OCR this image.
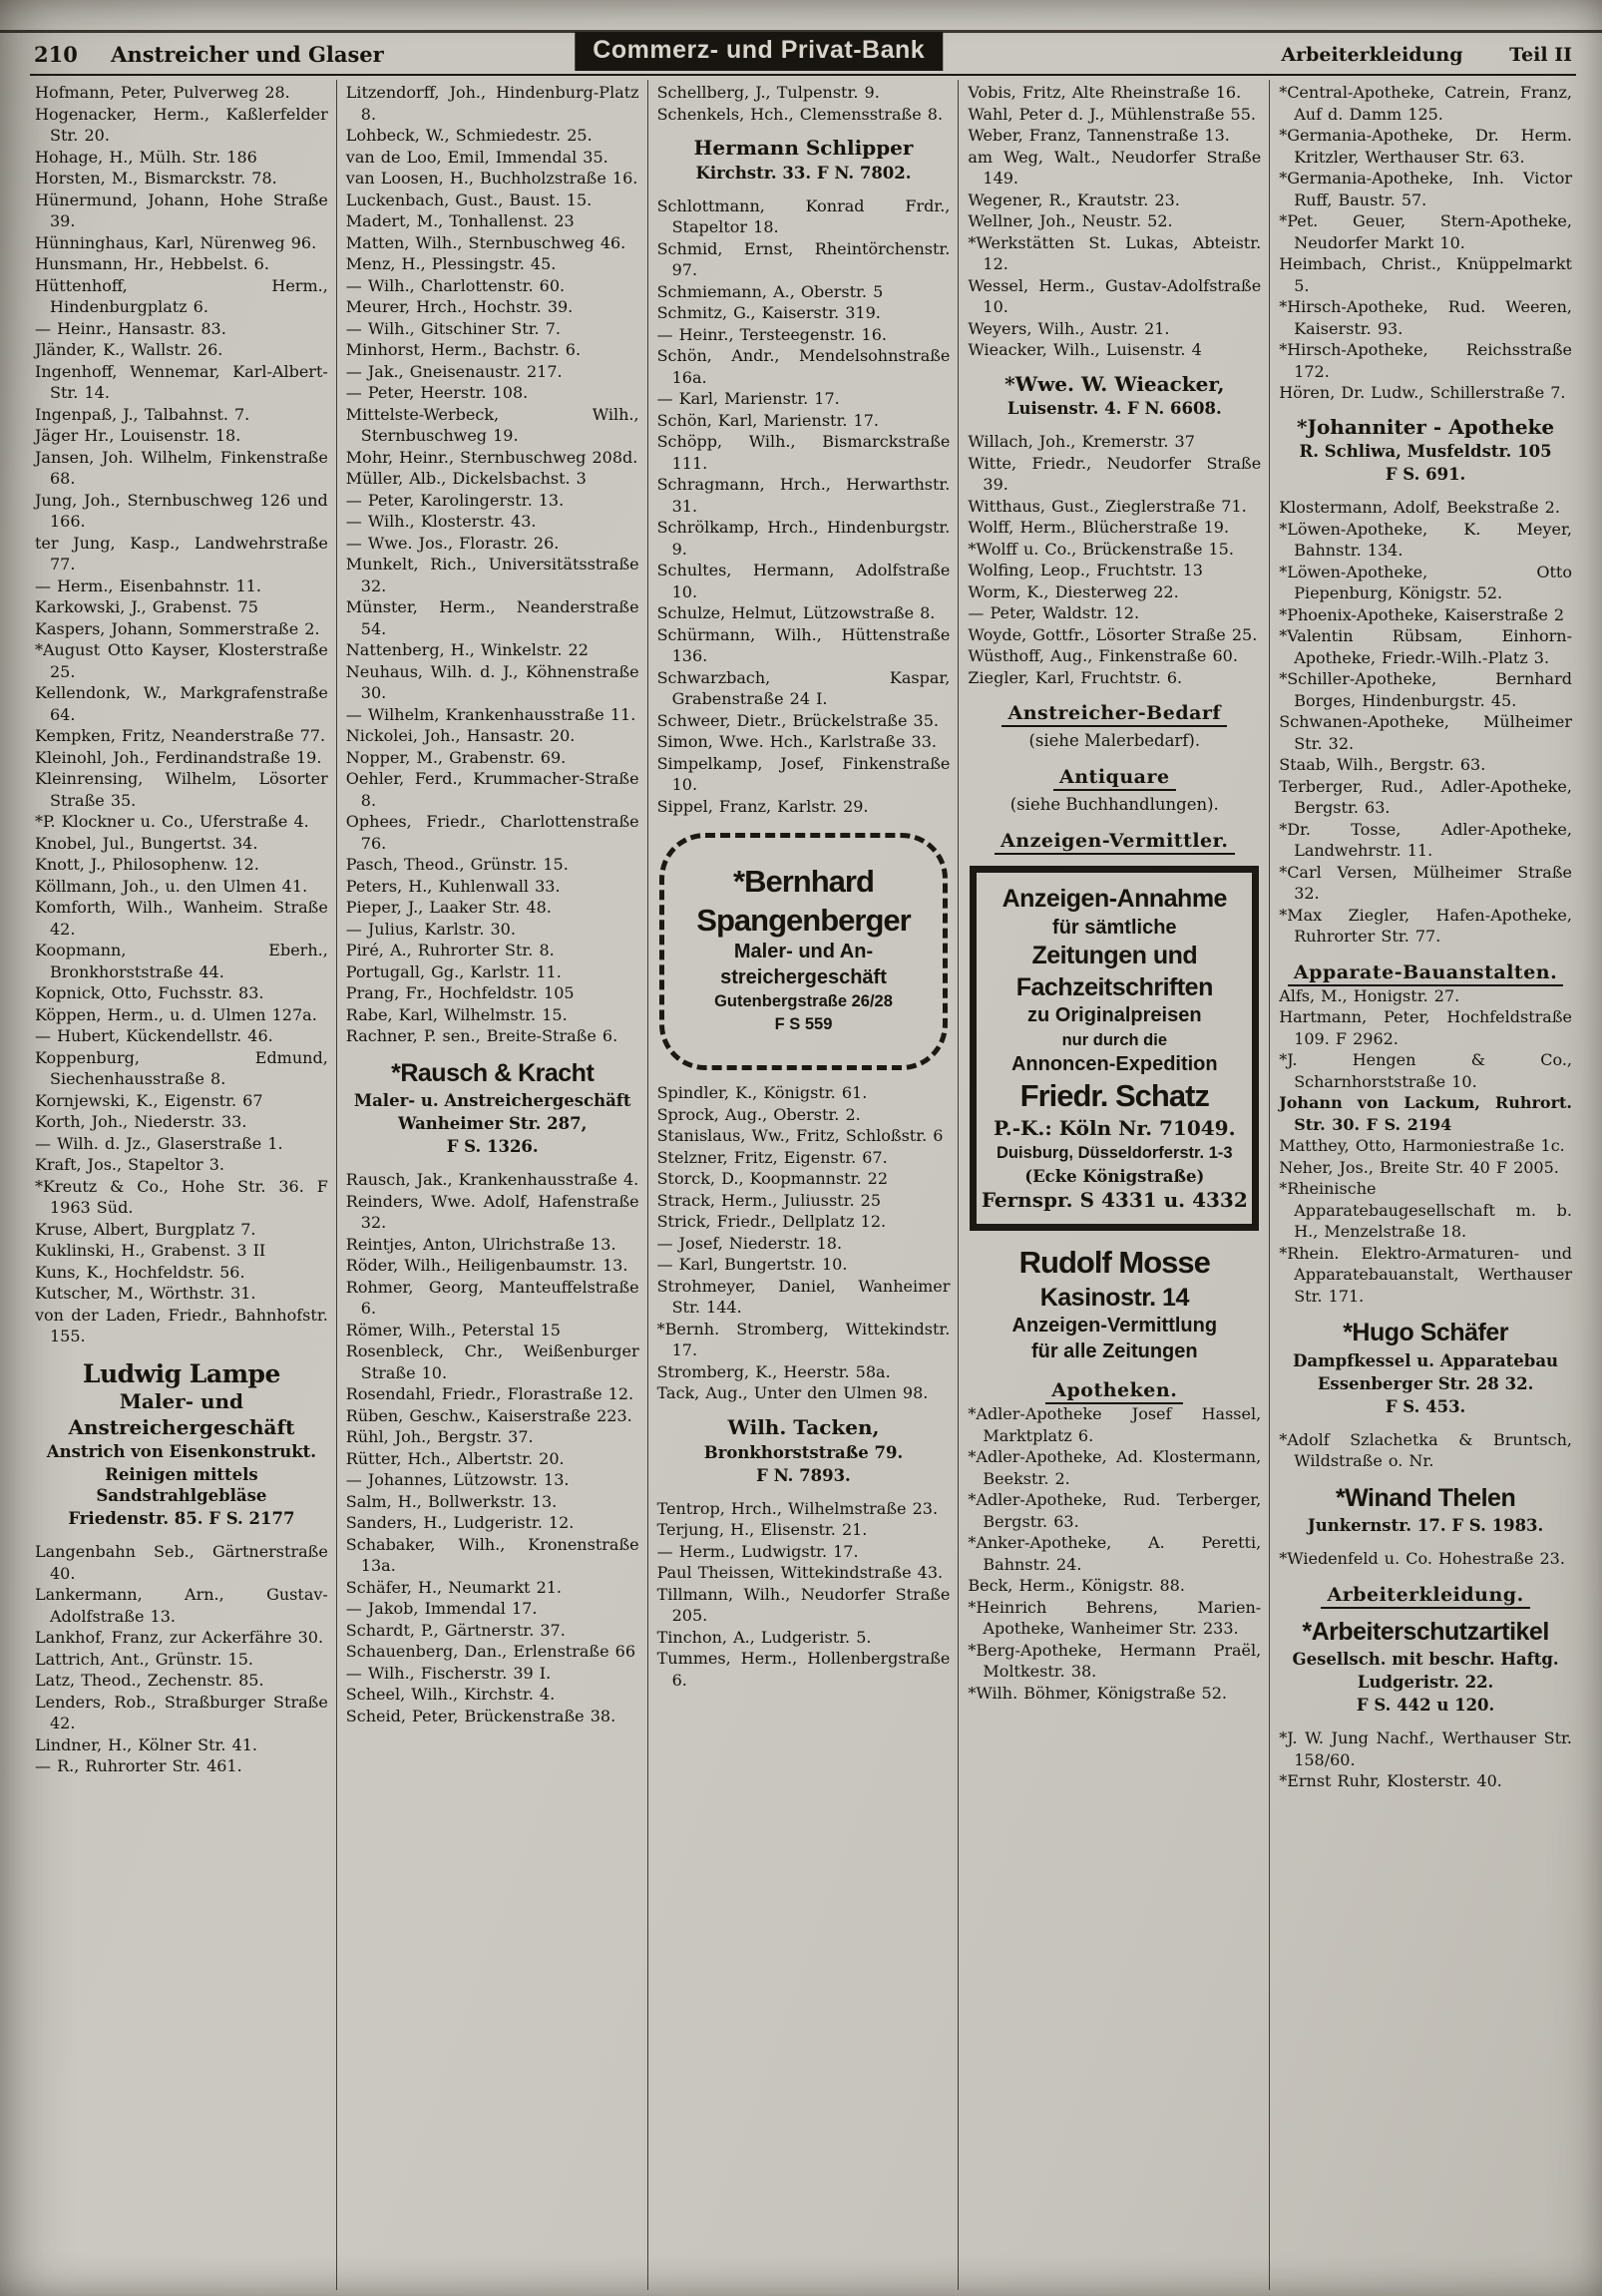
210 Anstreicher und Glaser	Commerz- und Privat-Bank	Arbeiterkleidung Teil II
Hofmann, Peter, Pulverweg 28.
Hogenacker, Herm., Kaßlerfelder Str. 20.
Hohage, H., Mülh. Str. 186
Horsten, M., Bismarckstr. 78.
Hünermund, Johann, Hohe Straße 39.
Hünninghaus, Karl, Nürenweg 96.
Hunsmann, Hr., Hebbelst. 6.
Hüttenhoff, Herm., Hindenburgplatz 6.
— Heinr., Hansastr. 83.
Jländer, K., Wallstr. 26.
Ingenhoff, Wennemar, Karl-Albert-Str. 14.
Ingenpaß, J., Talbahnst. 7.
Jäger Hr., Louisenstr. 18.
Jansen, Joh. Wilhelm, Finkenstraße 68.
Jung, Joh., Sternbuschweg 126 und 166.
ter Jung, Kasp., Landwehrstraße 77.
— Herm., Eisenbahnstr. 11.
Karkowski, J., Grabenst. 75
Kaspers, Johann, Sommerstraße 2.
*August Otto Kayser, Klosterstraße 25.
Kellendonk, W., Markgrafenstraße 64.
Kempken, Fritz, Neanderstraße 77.
Kleinohl, Joh., Ferdinandstraße 19.
Kleinrensing, Wilhelm, Lösorter Straße 35.
*P. Klockner u. Co., Uferstraße 4.
Knobel, Jul., Bungertst. 34.
Knott, J., Philosophenw. 12.
Köllmann, Joh., u. den Ulmen 41.
Komforth, Wilh., Wanheim. Straße 42.
Koopmann, Eberh., Bronkhorststraße 44.
Kopnick, Otto, Fuchsstr. 83.
Köppen, Herm., u. d. Ulmen 127a.
— Hubert, Kückendellstr. 46.
Koppenburg, Edmund, Siechenhausstraße 8.
Kornjewski, K., Eigenstr. 67
Korth, Joh., Niederstr. 33.
— Wilh. d. Jz., Glaserstraße 1.
Kraft, Jos., Stapeltor 3.
*Kreutz & Co., Hohe Str. 36. F 1963 Süd.
Kruse, Albert, Burgplatz 7.
Kuklinski, H., Grabenst. 3 II
Kuns, K., Hochfeldstr. 56.
Kutscher, M., Wörthstr. 31.
von der Laden, Friedr., Bahnhofstr. 155.
Ludwig Lampe
Maler- und
Anstreichergeschäft
Anstrich von Eisenkonstrukt.
Reinigen mittels Sandstrahlgebläse
Friedenstr. 85. F S. 2177
Langenbahn Seb., Gärtnerstraße 40.
Lankermann, Arn., Gustav-Adolfstraße 13.
Lankhof, Franz, zur Ackerfähre 30.
Lattrich, Ant., Grünstr. 15.
Latz, Theod., Zechenstr. 85.
Lenders, Rob., Straßburger Straße 42.
Lindner, H., Kölner Str. 41.
— R., Ruhrorter Str. 461.
Litzendorff, Joh., Hindenburg-Platz 8.
Lohbeck, W., Schmiedestr. 25.
van de Loo, Emil, Immendal 35.
van Loosen, H., Buchholzstraße 16.
Luckenbach, Gust., Baust. 15.
Madert, M., Tonhallenst. 23
Matten, Wilh., Sternbuschweg 46.
Menz, H., Plessingstr. 45.
— Wilh., Charlottenstr. 60.
Meurer, Hrch., Hochstr. 39.
— Wilh., Gitschiner Str. 7.
Minhorst, Herm., Bachstr. 6.
— Jak., Gneisenaustr. 217.
— Peter, Heerstr. 108.
Mittelste-Werbeck, Wilh., Sternbuschweg 19.
Mohr, Heinr., Sternbuschweg 208d.
Müller, Alb., Dickelsbachst. 3
— Peter, Karolingerstr. 13.
— Wilh., Klosterstr. 43.
— Wwe. Jos., Florastr. 26.
Munkelt, Rich., Universitätsstraße 32.
Münster, Herm., Neanderstraße 54.
Nattenberg, H., Winkelstr. 22
Neuhaus, Wilh. d. J., Köhnenstraße 30.
— Wilhelm, Krankenhausstraße 11.
Nickolei, Joh., Hansastr. 20.
Nopper, M., Grabenstr. 69.
Oehler, Ferd., Krummacher-Straße 8.
Ophees, Friedr., Charlottenstraße 76.
Pasch, Theod., Grünstr. 15.
Peters, H., Kuhlenwall 33.
Pieper, J., Laaker Str. 48.
— Julius, Karlstr. 30.
Piré, A., Ruhrorter Str. 8.
Portugall, Gg., Karlstr. 11.
Prang, Fr., Hochfeldstr. 105
Rabe, Karl, Wilhelmstr. 15.
Rachner, P. sen., Breite-Straße 6.
*Rausch & Kracht
Maler- u. Anstreichergeschäft
Wanheimer Str. 287,
F S. 1326.
Rausch, Jak., Krankenhausstraße 4.
Reinders, Wwe. Adolf, Hafenstraße 32.
Reintjes, Anton, Ulrichstraße 13.
Röder, Wilh., Heiligenbaumstr. 13.
Rohmer, Georg, Manteuffelstraße 6.
Römer, Wilh., Peterstal 15
Rosenbleck, Chr., Weißenburger Straße 10.
Rosendahl, Friedr., Florastraße 12.
Rüben, Geschw., Kaiserstraße 223.
Rühl, Joh., Bergstr. 37.
Rütter, Hch., Albertstr. 20.
— Johannes, Lützowstr. 13.
Salm, H., Bollwerkstr. 13.
Sanders, H., Ludgeristr. 12.
Schabaker, Wilh., Kronenstraße 13a.
Schäfer, H., Neumarkt 21.
— Jakob, Immendal 17.
Schardt, P., Gärtnerstr. 37.
Schauenberg, Dan., Erlenstraße 66
— Wilh., Fischerstr. 39 I.
Scheel, Wilh., Kirchstr. 4.
Scheid, Peter, Brückenstraße 38.
Schellberg, J., Tulpenstr. 9.
Schenkels, Hch., Clemensstraße 8.
Hermann Schlipper
Kirchstr. 33. F N. 7802.
Schlottmann, Konrad Frdr., Stapeltor 18.
Schmid, Ernst, Rheintörchenstr. 97.
Schmiemann, A., Oberstr. 5
Schmitz, G., Kaiserstr. 319.
— Heinr., Tersteegenstr. 16.
Schön, Andr., Mendelsohnstraße 16a.
— Karl, Marienstr. 17.
Schön, Karl, Marienstr. 17.
Schöpp, Wilh., Bismarckstraße 111.
Schragmann, Hrch., Herwarthstr. 31.
Schrölkamp, Hrch., Hindenburgstr. 9.
Schultes, Hermann, Adolfstraße 10.
Schulze, Helmut, Lützowstraße 8.
Schürmann, Wilh., Hüttenstraße 136.
Schwarzbach, Kaspar, Grabenstraße 24 I.
Schweer, Dietr., Brückelstraße 35.
Simon, Wwe. Hch., Karlstraße 33.
Simpelkamp, Josef, Finkenstraße 10.
Sippel, Franz, Karlstr. 29.
*Bernhard
Spangenberger
Maler- und An-
streichergeschäft
Gutenbergstraße 26/28
F S 559
Spindler, K., Königstr. 61.
Sprock, Aug., Oberstr. 2.
Stanislaus, Ww., Fritz, Schloßstr. 6
Stelzner, Fritz, Eigenstr. 67.
Storck, D., Koopmannstr. 22
Strack, Herm., Juliusstr. 25
Strick, Friedr., Dellplatz 12.
— Josef, Niederstr. 18.
— Karl, Bungertstr. 10.
Strohmeyer, Daniel, Wanheimer Str. 144.
*Bernh. Stromberg, Wittekindstr. 17.
Stromberg, K., Heerstr. 58a.
Tack, Aug., Unter den Ulmen 98.
Wilh. Tacken,
Bronkhorststraße 79.
F N. 7893.
Tentrop, Hrch., Wilhelmstraße 23.
Terjung, H., Elisenstr. 21.
— Herm., Ludwigstr. 17.
Paul Theissen, Wittekindstraße 43.
Tillmann, Wilh., Neudorfer Straße 205.
Tinchon, A., Ludgeristr. 5.
Tummes, Herm., Hollenbergstraße 6.
Vobis, Fritz, Alte Rheinstraße 16.
Wahl, Peter d. J., Mühlenstraße 55.
Weber, Franz, Tannenstraße 13.
am Weg, Walt., Neudorfer Straße 149.
Wegener, R., Krautstr. 23.
Wellner, Joh., Neustr. 52.
*Werkstätten St. Lukas, Abteistr. 12.
Wessel, Herm., Gustav-Adolfstraße 10.
Weyers, Wilh., Austr. 21.
Wieacker, Wilh., Luisenstr. 4
*Wwe. W. Wieacker,
Luisenstr. 4. F N. 6608.
Willach, Joh., Kremerstr. 37
Witte, Friedr., Neudorfer Straße 39.
Witthaus, Gust., Zieglerstraße 71.
Wolff, Herm., Blücherstraße 19.
*Wolff u. Co., Brückenstraße 15.
Wolfing, Leop., Fruchtstr. 13
Worm, K., Diesterweg 22.
— Peter, Waldstr. 12.
Woyde, Gottfr., Lösorter Straße 25.
Wüsthoff, Aug., Finkenstraße 60.
Ziegler, Karl, Fruchtstr. 6.
Anstreicher-Bedarf
(siehe Malerbedarf).
Antiquare
(siehe Buchhandlungen).
Anzeigen-Vermittler.
Anzeigen-Annahme
für sämtliche
Zeitungen und
Fachzeitschriften
zu Originalpreisen
nur durch die
Annoncen-Expedition
Friedr. Schatz
P.-K.: Köln Nr. 71049.
Duisburg, Düsseldorferstr. 1-3
(Ecke Königstraße)
Fernspr. S 4331 u. 4332
Rudolf Mosse
Kasinostr. 14
Anzeigen-Vermittlung
für alle Zeitungen
Apotheken.
*Adler-Apotheke Josef Hassel, Marktplatz 6.
*Adler-Apotheke, Ad. Klostermann, Beekstr. 2.
*Adler-Apotheke, Rud. Terberger, Bergstr. 63.
*Anker-Apotheke, A. Peretti, Bahnstr. 24.
Beck, Herm., Königstr. 88.
*Heinrich Behrens, Marien-Apotheke, Wanheimer Str. 233.
*Berg-Apotheke, Hermann Praël, Moltkestr. 38.
*Wilh. Böhmer, Königstraße 52.
*Central-Apotheke, Catrein, Franz, Auf d. Damm 125.
*Germania-Apotheke, Dr. Herm. Kritzler, Werthauser Str. 63.
*Germania-Apotheke, Inh. Victor Ruff, Baustr. 57.
*Pet. Geuer, Stern-Apotheke, Neudorfer Markt 10.
Heimbach, Christ., Knüppelmarkt 5.
*Hirsch-Apotheke, Rud. Weeren, Kaiserstr. 93.
*Hirsch-Apotheke, Reichsstraße 172.
Hören, Dr. Ludw., Schillerstraße 7.
*Johanniter - Apotheke
R. Schliwa, Musfeldstr. 105
F S. 691.
Klostermann, Adolf, Beekstraße 2.
*Löwen-Apotheke, K. Meyer, Bahnstr. 134.
*Löwen-Apotheke, Otto Piepenburg, Königstr. 52.
*Phoenix-Apotheke, Kaiserstraße 2
*Valentin Rübsam, Einhorn-Apotheke, Friedr.-Wilh.-Platz 3.
*Schiller-Apotheke, Bernhard Borges, Hindenburgstr. 45.
Schwanen-Apotheke, Mülheimer Str. 32.
Staab, Wilh., Bergstr. 63.
Terberger, Rud., Adler-Apotheke, Bergstr. 63.
*Dr. Tosse, Adler-Apotheke, Landwehrstr. 11.
*Carl Versen, Mülheimer Straße 32.
*Max Ziegler, Hafen-Apotheke, Ruhrorter Str. 77.
Apparate-Bauanstalten.
Alfs, M., Honigstr. 27.
Hartmann, Peter, Hochfeldstraße 109. F 2962.
*J. Hengen & Co., Scharnhorststraße 10.
Johann von Lackum, Ruhrort. Str. 30. F S. 2194
Matthey, Otto, Harmoniestraße 1c.
Neher, Jos., Breite Str. 40 F 2005.
*Rheinische Apparatebaugesellschaft m. b. H., Menzelstraße 18.
*Rhein. Elektro-Armaturen- und Apparatebauanstalt, Werthauser Str. 171.
*Hugo Schäfer
Dampfkessel u. Apparatebau
Essenberger Str. 28 32.
F S. 453.
*Adolf Szlachetka & Bruntsch, Wildstraße o. Nr.
*Winand Thelen
Junkernstr. 17. F S. 1983.
*Wiedenfeld u. Co. Hohestraße 23.
Arbeiterkleidung.
*Arbeiterschutzartikel
Gesellsch. mit beschr. Haftg.
Ludgeristr. 22.
F S. 442 u 120.
*J. W. Jung Nachf., Werthauser Str. 158/60.
*Ernst Ruhr, Klosterstr. 40.
